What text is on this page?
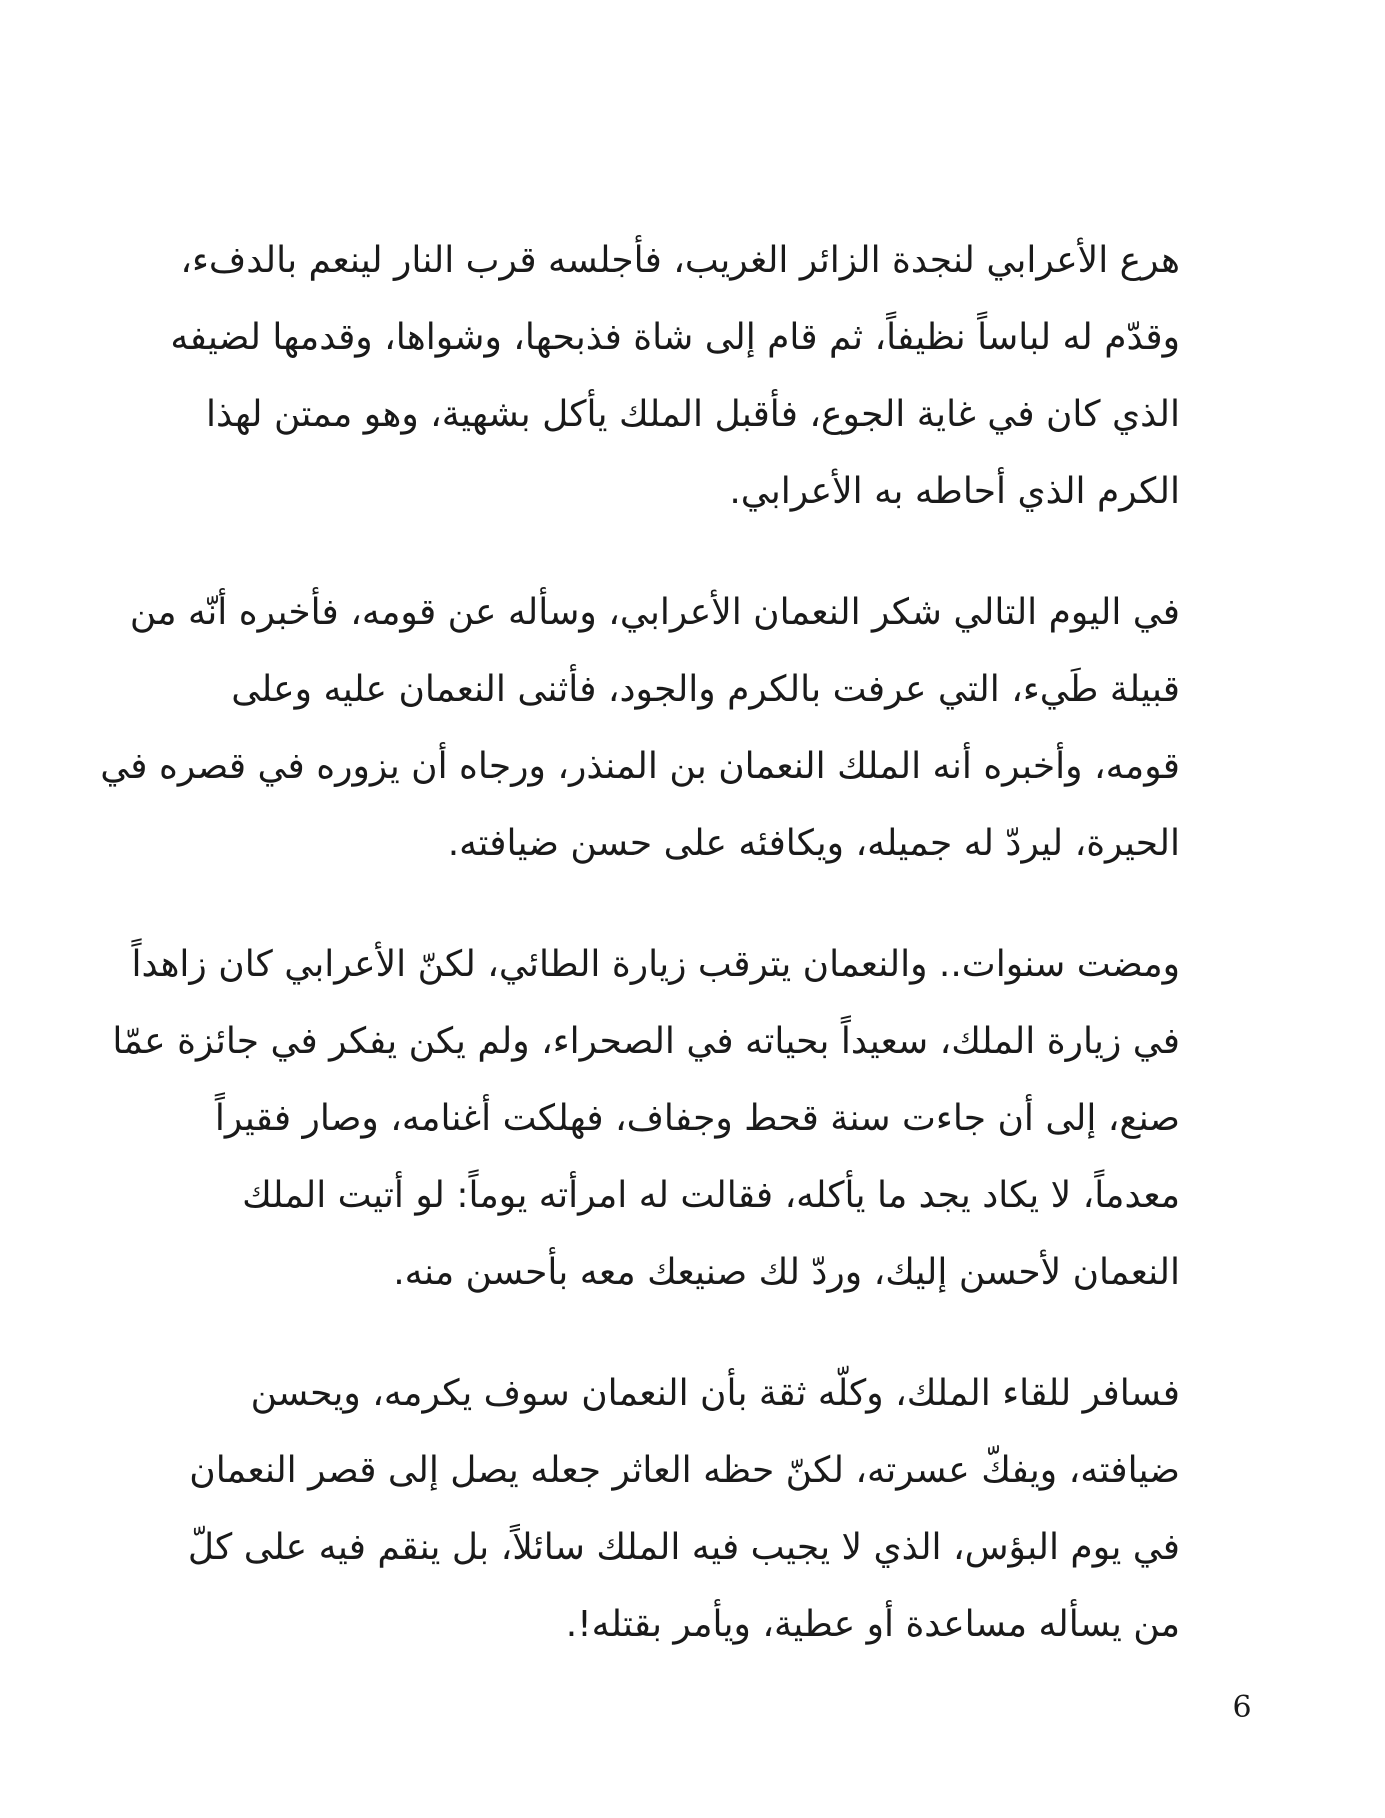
هرع الأعرابي لنجدة الزائر الغريب، فأجلسه قرب النار لينعم بالدفء،
وقدّم له لباساً نظيفاً، ثم قام إلى شاة فذبحها، وشواها، وقدمها لضيفه
الذي كان في غاية الجوع، فأقبل الملك يأكل بشهية، وهو ممتن لهذا
الكرم الذي أحاطه به الأعرابي.
في اليوم التالي شكر النعمان الأعرابي، وسأله عن قومه، فأخبره أنّه من
قبيلة طَيء، التي عرفت بالكرم والجود، فأثنى النعمان عليه وعلى
قومه، وأخبره أنه الملك النعمان بن المنذر، ورجاه أن يزوره في قصره في
الحيرة، ليردّ له جميله، ويكافئه على حسن ضيافته.
ومضت سنوات.. والنعمان يترقب زيارة الطائي، لكنّ الأعرابي كان زاهداً
في زيارة الملك، سعيداً بحياته في الصحراء، ولم يكن يفكر في جائزة عمّا
صنع، إلى أن جاءت سنة قحط وجفاف، فهلكت أغنامه، وصار فقيراً
معدماً، لا يكاد يجد ما يأكله، فقالت له امرأته يوماً: لو أتيت الملك
النعمان لأحسن إليك، وردّ لك صنيعك معه بأحسن منه.
فسافر للقاء الملك، وكلّه ثقة بأن النعمان سوف يكرمه، ويحسن
ضيافته، ويفكّ عسرته، لكنّ حظه العاثر جعله يصل إلى قصر النعمان
في يوم البؤس، الذي لا يجيب فيه الملك سائلاً، بل ينقم فيه على كلّ
من يسأله مساعدة أو عطية، ويأمر بقتله!.
6
